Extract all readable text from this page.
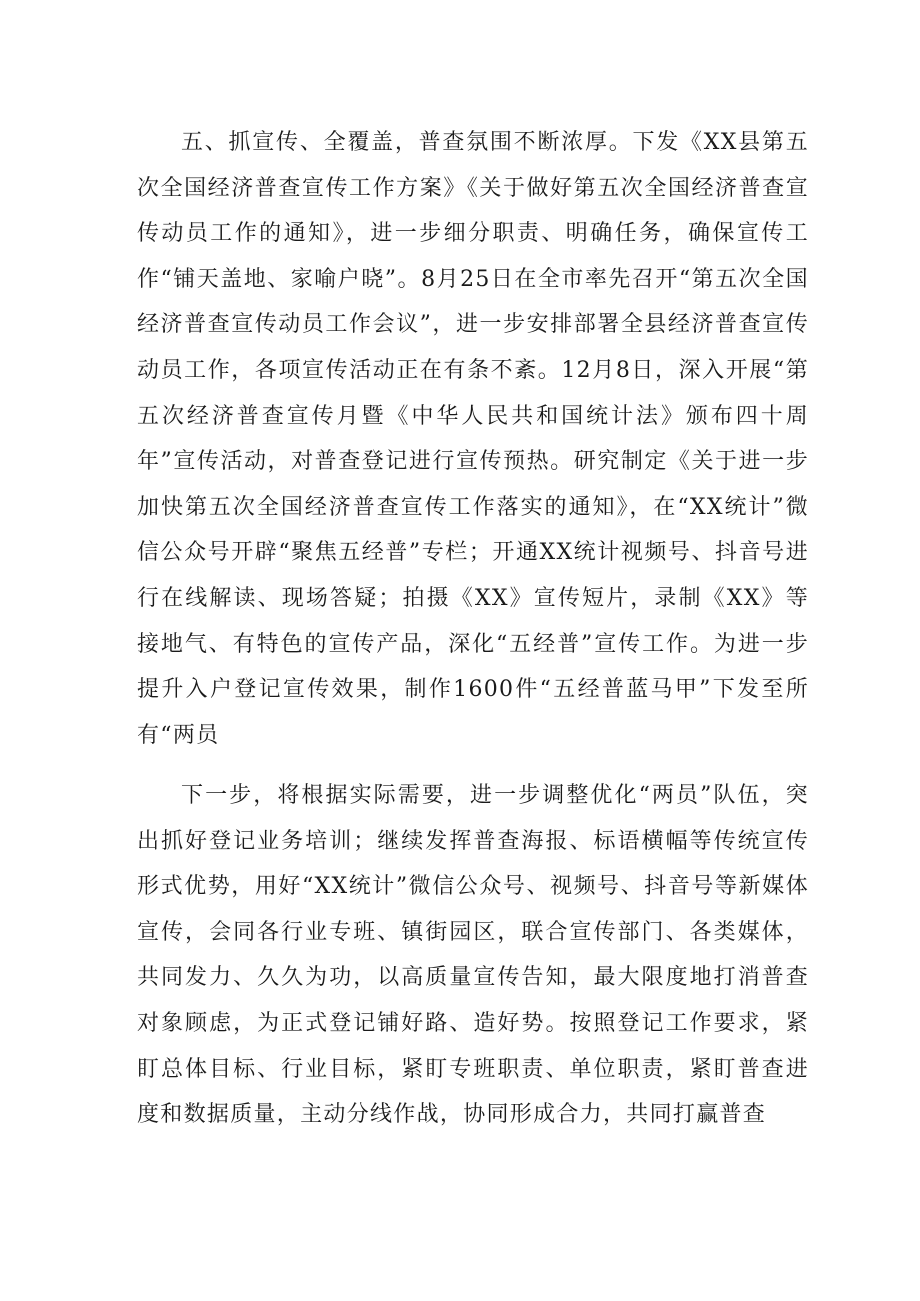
五、抓宣传、全覆盖，普查氛围不断浓厚。下发《XX县第五次全国经济普查宣传工作方案》《关于做好第五次全国经济普查宣传动员工作的通知》，进一步细分职责、明确任务，确保宣传工作“铺天盖地、家喻户晓”。8月25日在全市率先召开“第五次全国经济普查宣传动员工作会议”，进一步安排部署全县经济普查宣传动员工作，各项宣传活动正在有条不紊。12月8日，深入开展“第五次经济普查宣传月暨《中华人民共和国统计法》颁布四十周年”宣传活动，对普查登记进行宣传预热。研究制定《关于进一步加快第五次全国经济普查宣传工作落实的通知》，在“XX统计”微信公众号开辟“聚焦五经普”专栏；开通XX统计视频号、抖音号进行在线解读、现场答疑；拍摄《XX》宣传短片，录制《XX》等接地气、有特色的宣传产品，深化“五经普”宣传工作。为进一步提升入户登记宣传效果，制作1600件“五经普蓝马甲”下发至所有“两员

下一步，将根据实际需要，进一步调整优化“两员”队伍，突出抓好登记业务培训；继续发挥普查海报、标语横幅等传统宣传形式优势，用好“XX统计”微信公众号、视频号、抖音号等新媒体宣传，会同各行业专班、镇街园区，联合宣传部门、各类媒体，共同发力、久久为功，以高质量宣传告知，最大限度地打消普查对象顾虑，为正式登记铺好路、造好势。按照登记工作要求，紧盯总体目标、行业目标，紧盯专班职责、单位职责，紧盯普查进度和数据质量，主动分线作战，协同形成合力，共同打赢普查
